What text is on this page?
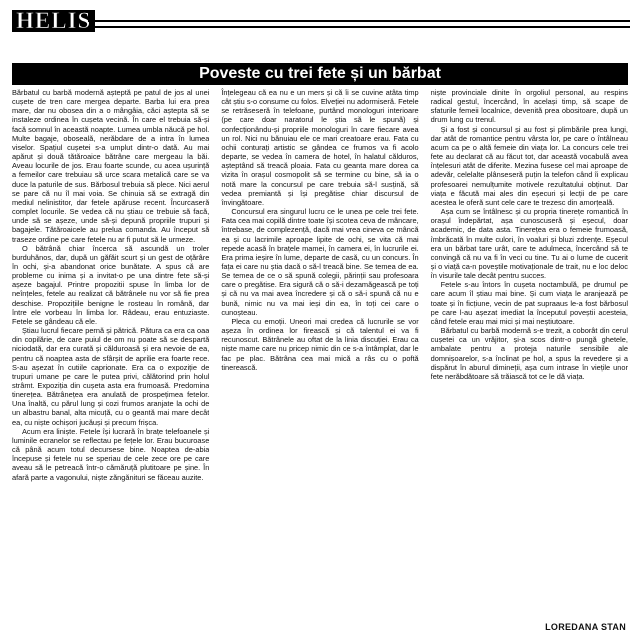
HELIS
Poveste cu trei fete și un bărbat

Bărbatul cu barbă modernă așteptă pe patul de jos al unei cușete de tren care mergea departe. Barba lui era prea mare, dar nu obosea din a o mângâia, căci aștepta să se instaleze ordinea în cușeta vecină. În care el trebuia să-și facă somnul în această noapte. Lumea umbla năucă pe hol. Multe bagaje, oboseală, nerăbdare de a intra în lumea viselor. Spațiul cușetei s-a umplut dintr-o dată. Au mai apărut și două tătăroaice bătrâne care mergeau la băi. Aveau locurile de jos. Erau foarte scunde, cu acea ușurință a femeilor care trebuiau să urce scara metalică care se va duce la paturile de sus. Bărbosul trebuia să plece. Nici aerul se pare că nu îl mai voia. Se chinuia să se extragă din mediul nelinistitor, dar fetele apăruse recent. Încurcaseră complet locurile. Se vedea că nu știau ce trebuie să facă, unde să se așeze, unde să-și depună propriile trupuri și bagajele. Tătăroaicele au prelua comanda. Au început să traseze ordine pe care fetele nu ar fi putut să le urmeze.

O bătrână chiar încerca să ascundă un troler burduhănos, dar, după un găfăit scurt și un gest de oțărâre în ochi, și-a abandonat orice bunătate. A spus că are probleme cu inima și a invitat-o pe una dintre fete să-și așeze bagajul. Printre propozitii spuse în limba lor de neînțeles, fetele au realizat că bătrânele nu vor să fie prea deschise. Propozițiile benigne le rosteau în română, dar între ele vorbeau în limba lor. Râdeau, erau entuziaste. Fetele se gândeau că ele.

Știau lucrul fiecare pernă și pătrică. Pătura ca era ca oaa din copilărie, de care puiul de om nu poate să se despartă niciodată, dar era curată și călduroasă și era nevoie de ea, pentru că noaptea asta de sfârșit de aprilie era foarte rece. S-au așezat în cutiile caprionate. Era ca o expoziție de trupuri umane pe care le putea privi, călătorind prin holul strâmt. Expoziția din cușeta asta era frumoasă. Predomina tinerețea. Bătrânețea era anulată de prospețimea fetelor. Una înaltă, cu părul lung și cozi frumos aranjate la ochi de un albastru banal, alta micuță, cu o geantă mai mare decât ea, cu niște ochișori jucăuși și precum frișca.

Acum era liniște. Fetele își lucrară în brațe telefoanele și luminile ecranelor se reflectau pe fețele lor. Erau bucuroase că până acum totul decursese bine. Noaptea de-abia începuse și fetele nu se speriau de cele zece ore pe care aveau să le petreacă într-o cămăruță plutitoare pe șine. În afară parte a vagonului, niște zăngănituri se făceau auzite.

Înțelegeau că ea nu e un mers și că îi se cuvine atâta timp cât știu s-o consume cu folos. Elveției nu adormiseră. Fetele se retrăseseră în telefoane, purtând monologuri interioare (pe care doar naratorul le știa să le spună) și confecționându-și propriile monologuri în care fiecare avea un rol. Nici nu bănuiau ele ce mari creatoare erau. Fata cu ochii conturați artistic se gândea ce frumos va fi acolo departe, se vedea în camera de hotel, în halatul călduros, așteptând să treacă ploaia. Fata cu geanta mare dorea ca vizita în orașul cosmopolit să se termine cu bine, să ia o notă mare la concursul pe care trebuia să-l susțină, să vedea premiantă și își pregătise chiar discursul de învingătoare.

Concursul era singurul lucru ce le unea pe cele trei fete. Fata cea mai copilă dintre toate își scotea ceva de mâncare, întrebase, de complezență, dacă mai vrea cineva ce mâncă ea și cu lacrimile aproape lipite de ochi, se vita că mai repede acasă în brațele mamei, în camera ei, în lucrurile ei. Era prima ieșire în lume, departe de casă, cu un concurs. În fața ei care nu știa dacă o să-l treacă bine. Se temea de ea. Se temea de ce o să spună colegii, părinții sau profesoara care o pregătise. Era sigură că o să-i dezamăgească pe toți și că nu va mai avea încredere și că o să-i spună că nu e bună, nimic nu va mai ieși din ea, în toți cei care o cunoșteau.

Pleca cu emoții. Uneori mai credea că lucrurile se vor așeza în ordinea lor firească și că talentul ei va fi recunoscut. Bătrânele au oftat de la linia discuției. Erau ca niște mame care nu pricep nimic din ce s-a întâmplat, dar le fac pe plac. Bătrâna cea mai mică a râs cu o poftă tinerească.

niște provinciale dinite în orgoliul personal, au respins radical gestul, încercând, în același timp, să scape de sfaturile femeii localnice, devenită prea obositoare, după un drum lung cu trenul.

Și a fost și concursul și au fost și plimbările prea lungi, dar atât de romantice pentru vârsta lor, pe care o întâlneau acum ca pe o altă femeie din viața lor. La concurs cele trei fete au declarat că au făcut tot, dar această vocabulă avea înțelesuri atât de diferite. Mezina fusese cel mai aproape de adevăr, celelalte plânseseră puțin la telefon când îi explicau profesoarei nemulțumite motivele rezultatului obținut. Dar viața e făcută mai ales din eșecuri și lecții de pe care acestea le oferă sunt cele care te trezesc din amorțeală.

Așa cum se întâlnesc și cu propria tinerețe romantică în orașul îndepărtat, așa cunoscuseră și eșecul, doar academic, de data asta. Tinerețea era o femeie frumoasă, îmbrăcată în multe culori, în voaluri și bluzi zdrențe. Eșecul era un bărbat tare urât, care te adulmeca, încercând să te convingă că nu va fi în veci cu tine. Tu ai o lume de cucerit și o viață ca-n poveștile motivaționale de trait, nu e loc deloc în visurile tale decât pentru succes.

Fetele s-au întors în cușeta noctambulă, pe drumul pe care acum îl știau mai bine. Și cum viața le aranjează pe toate și în ficțiune, vecin de pat supraaus le-a fost bărbosul pe care l-au așezat imediat la începutul poveștii acesteia, când fetele erau mai mici și mai neștiutoare.

Bărbatul cu barbă modernă s-e trezit, a coborât din cerul cușetei ca un vrăjitor, și-a scos dintr-o pungă ghetele, ambalate pentru a proteja naturile sensibile ale domnișoarelor, s-a înclinat pe hol, a spus la revedere și a dispărut în aburul dimineții, așa cum intrase în viețile unor fete nerăbdătoare să trăiască tot ce le dă viața.

LOREDANA STAN
